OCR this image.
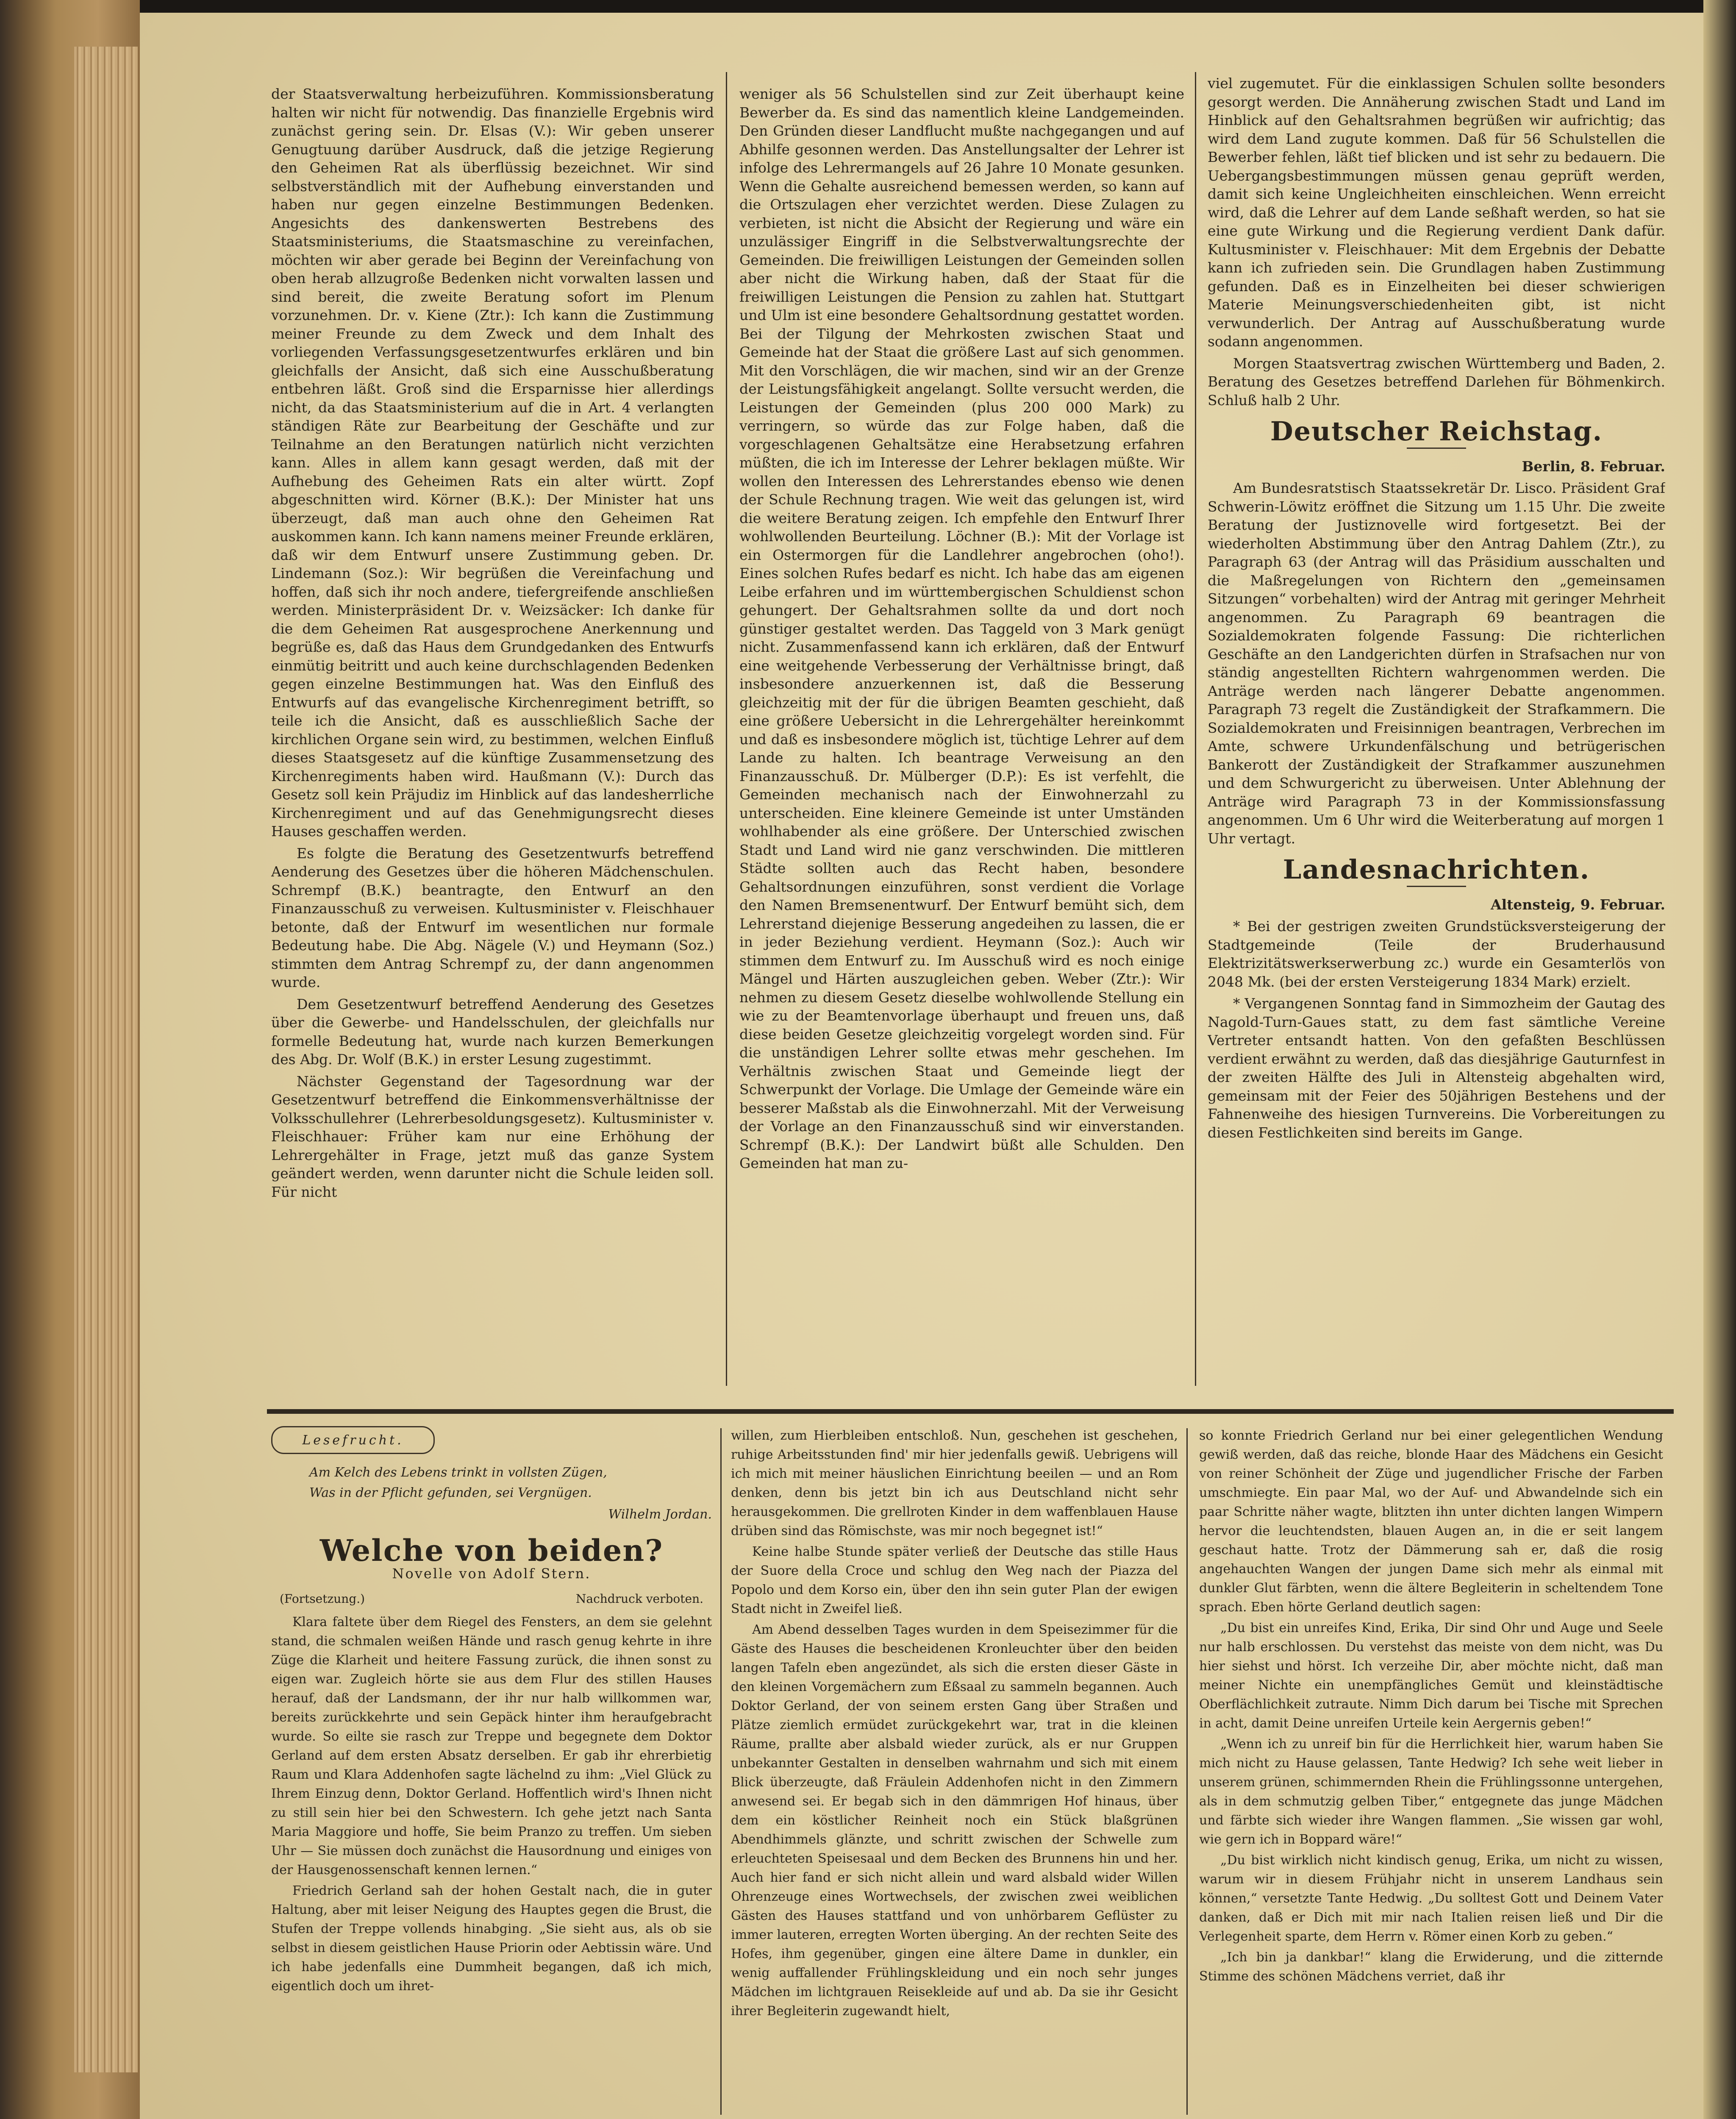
der Staatsverwaltung herbeizuführen. Kommissionsberatung halten wir nicht für notwendig. Das finanzielle Ergebnis wird zunächst gering sein. Dr. Elsas (V.): Wir geben unserer Genugtuung darüber Ausdruck, daß die jetzige Regierung den Geheimen Rat als überflüssig bezeichnet. Wir sind selbstverständlich mit der Aufhebung einverstanden und haben nur gegen einzelne Bestimmungen Bedenken. Angesichts des dankenswerten Bestrebens des Staatsministeriums, die Staatsmaschine zu vereinfachen, möchten wir aber gerade bei Beginn der Vereinfachung von oben herab allzugroße Bedenken nicht vorwalten lassen und sind bereit, die zweite Beratung sofort im Plenum vorzunehmen. Dr. v. Kiene (Ztr.): Ich kann die Zustimmung meiner Freunde zu dem Zweck und dem Inhalt des vorliegenden Verfassungsgesetzentwurfes erklären und bin gleichfalls der Ansicht, daß sich eine Ausschußberatung entbehren läßt. Groß sind die Ersparnisse hier allerdings nicht, da das Staatsministerium auf die in Art. 4 verlangten ständigen Räte zur Bearbeitung der Geschäfte und zur Teilnahme an den Beratungen natürlich nicht verzichten kann. Alles in allem kann gesagt werden, daß mit der Aufhebung des Geheimen Rats ein alter württ. Zopf abgeschnitten wird. Körner (B.K.): Der Minister hat uns überzeugt, daß man auch ohne den Geheimen Rat auskommen kann. Ich kann namens meiner Freunde erklären, daß wir dem Entwurf unsere Zustimmung geben. Dr. Lindemann (Soz.): Wir begrüßen die Vereinfachung und hoffen, daß sich ihr noch andere, tiefergreifende anschließen werden. Ministerpräsident Dr. v. Weizsäcker: Ich danke für die dem Geheimen Rat ausgesprochene Anerkennung und begrüße es, daß das Haus dem Grundgedanken des Entwurfs einmütig beitritt und auch keine durchschlagenden Bedenken gegen einzelne Bestimmungen hat. Was den Einfluß des Entwurfs auf das evangelische Kirchenregiment betrifft, so teile ich die Ansicht, daß es ausschließlich Sache der kirchlichen Organe sein wird, zu bestimmen, welchen Einfluß dieses Staatsgesetz auf die künftige Zusammensetzung des Kirchenregiments haben wird. Haußmann (V.): Durch das Gesetz soll kein Präjudiz im Hinblick auf das landesherrliche Kirchenregiment und auf das Genehmigungsrecht dieses Hauses geschaffen werden.

Es folgte die Beratung des Gesetzentwurfs betreffend Aenderung des Gesetzes über die höheren Mädchenschulen. Schrempf (B.K.) beantragte, den Entwurf an den Finanzausschuß zu verweisen. Kultusminister v. Fleischhauer betonte, daß der Entwurf im wesentlichen nur formale Bedeutung habe. Die Abg. Nägele (V.) und Heymann (Soz.) stimmten dem Antrag Schrempf zu, der dann angenommen wurde.

Dem Gesetzentwurf betreffend Aenderung des Gesetzes über die Gewerbe- und Handelsschulen, der gleichfalls nur formelle Bedeutung hat, wurde nach kurzen Bemerkungen des Abg. Dr. Wolf (B.K.) in erster Lesung zugestimmt.

Nächster Gegenstand der Tagesordnung war der Gesetzentwurf betreffend die Einkommensverhältnisse der Volksschullehrer (Lehrerbesoldungsgesetz). Kultusminister v. Fleischhauer: Früher kam nur eine Erhöhung der Lehrergehälter in Frage, jetzt muß das ganze System geändert werden, wenn darunter nicht die Schule leiden soll. Für nicht

weniger als 56 Schulstellen sind zur Zeit überhaupt keine Bewerber da. Es sind das namentlich kleine Landgemeinden. Den Gründen dieser Landflucht mußte nachgegangen und auf Abhilfe gesonnen werden. Das Anstellungsalter der Lehrer ist infolge des Lehrermangels auf 26 Jahre 10 Monate gesunken. Wenn die Gehalte ausreichend bemessen werden, so kann auf die Ortszulagen eher verzichtet werden. Diese Zulagen zu verbieten, ist nicht die Absicht der Regierung und wäre ein unzulässiger Eingriff in die Selbstverwaltungsrechte der Gemeinden. Die freiwilligen Leistungen der Gemeinden sollen aber nicht die Wirkung haben, daß der Staat für die freiwilligen Leistungen die Pension zu zahlen hat. Stuttgart und Ulm ist eine besondere Gehaltsordnung gestattet worden. Bei der Tilgung der Mehrkosten zwischen Staat und Gemeinde hat der Staat die größere Last auf sich genommen. Mit den Vorschlägen, die wir machen, sind wir an der Grenze der Leistungsfähigkeit angelangt. Sollte versucht werden, die Leistungen der Gemeinden (plus 200 000 Mark) zu verringern, so würde das zur Folge haben, daß die vorgeschlagenen Gehaltsätze eine Herabsetzung erfahren müßten, die ich im Interesse der Lehrer beklagen müßte. Wir wollen den Interessen des Lehrerstandes ebenso wie denen der Schule Rechnung tragen. Wie weit das gelungen ist, wird die weitere Beratung zeigen. Ich empfehle den Entwurf Ihrer wohlwollenden Beurteilung. Löchner (B.): Mit der Vorlage ist ein Ostermorgen für die Landlehrer angebrochen (oho!). Eines solchen Rufes bedarf es nicht. Ich habe das am eigenen Leibe erfahren und im württembergischen Schuldienst schon gehungert. Der Gehaltsrahmen sollte da und dort noch günstiger gestaltet werden. Das Taggeld von 3 Mark genügt nicht. Zusammenfassend kann ich erklären, daß der Entwurf eine weitgehende Verbesserung der Verhältnisse bringt, daß insbesondere anzuerkennen ist, daß die Besserung gleichzeitig mit der für die übrigen Beamten geschieht, daß eine größere Uebersicht in die Lehrergehälter hereinkommt und daß es insbesondere möglich ist, tüchtige Lehrer auf dem Lande zu halten. Ich beantrage Verweisung an den Finanzausschuß. Dr. Mülberger (D.P.): Es ist verfehlt, die Gemeinden mechanisch nach der Einwohnerzahl zu unterscheiden. Eine kleinere Gemeinde ist unter Umständen wohlhabender als eine größere. Der Unterschied zwischen Stadt und Land wird nie ganz verschwinden. Die mittleren Städte sollten auch das Recht haben, besondere Gehaltsordnungen einzuführen, sonst verdient die Vorlage den Namen Bremsenentwurf. Der Entwurf bemüht sich, dem Lehrerstand diejenige Besserung angedeihen zu lassen, die er in jeder Beziehung verdient. Heymann (Soz.): Auch wir stimmen dem Entwurf zu. Im Ausschuß wird es noch einige Mängel und Härten auszugleichen geben. Weber (Ztr.): Wir nehmen zu diesem Gesetz dieselbe wohlwollende Stellung ein wie zu der Beamtenvorlage überhaupt und freuen uns, daß diese beiden Gesetze gleichzeitig vorgelegt worden sind. Für die unständigen Lehrer sollte etwas mehr geschehen. Im Verhältnis zwischen Staat und Gemeinde liegt der Schwerpunkt der Vorlage. Die Umlage der Gemeinde wäre ein besserer Maßstab als die Einwohnerzahl. Mit der Verweisung der Vorlage an den Finanzausschuß sind wir einverstanden. Schrempf (B.K.): Der Landwirt büßt alle Schulden. Den Gemeinden hat man zu-

viel zugemutet. Für die einklassigen Schulen sollte besonders gesorgt werden. Die Annäherung zwischen Stadt und Land im Hinblick auf den Gehaltsrahmen begrüßen wir aufrichtig; das wird dem Land zugute kommen. Daß für 56 Schulstellen die Bewerber fehlen, läßt tief blicken und ist sehr zu bedauern. Die Uebergangsbestimmungen müssen genau geprüft werden, damit sich keine Ungleichheiten einschleichen. Wenn erreicht wird, daß die Lehrer auf dem Lande seßhaft werden, so hat sie eine gute Wirkung und die Regierung verdient Dank dafür. Kultusminister v. Fleischhauer: Mit dem Ergebnis der Debatte kann ich zufrieden sein. Die Grundlagen haben Zustimmung gefunden. Daß es in Einzelheiten bei dieser schwierigen Materie Meinungsverschiedenheiten gibt, ist nicht verwunderlich. Der Antrag auf Ausschußberatung wurde sodann angenommen.

Morgen Staatsvertrag zwischen Württemberg und Baden, 2. Beratung des Gesetzes betreffend Darlehen für Böhmenkirch. Schluß halb 2 Uhr.

Deutscher Reichstag.

Berlin, 8. Februar.

Am Bundesratstisch Staatssekretär Dr. Lisco. Präsident Graf Schwerin-Löwitz eröffnet die Sitzung um 1.15 Uhr. Die zweite Beratung der Justiznovelle wird fortgesetzt. Bei der wiederholten Abstimmung über den Antrag Dahlem (Ztr.), zu Paragraph 63 (der Antrag will das Präsidium ausschalten und die Maßregelungen von Richtern den „gemeinsamen Sitzungen“ vorbehalten) wird der Antrag mit geringer Mehrheit angenommen. Zu Paragraph 69 beantragen die Sozialdemokraten folgende Fassung: Die richterlichen Geschäfte an den Landgerichten dürfen in Strafsachen nur von ständig angestellten Richtern wahrgenommen werden. Die Anträge werden nach längerer Debatte angenommen. Paragraph 73 regelt die Zuständigkeit der Strafkammern. Die Sozialdemokraten und Freisinnigen beantragen, Verbrechen im Amte, schwere Urkundenfälschung und betrügerischen Bankerott der Zuständigkeit der Strafkammer auszunehmen und dem Schwurgericht zu überweisen. Unter Ablehnung der Anträge wird Paragraph 73 in der Kommissionsfassung angenommen. Um 6 Uhr wird die Weiterberatung auf morgen 1 Uhr vertagt.

Landesnachrichten.

Altensteig, 9. Februar.

* Bei der gestrigen zweiten Grundstücksversteigerung der Stadtgemeinde (Teile der Bruderhausund Elektrizitätswerkserwerbung zc.) wurde ein Gesamterlös von 2048 Mk. (bei der ersten Versteigerung 1834 Mark) erzielt.

* Vergangenen Sonntag fand in Simmozheim der Gautag des Nagold-Turn-Gaues statt, zu dem fast sämtliche Vereine Vertreter entsandt hatten. Von den gefaßten Beschlüssen verdient erwähnt zu werden, daß das diesjährige Gauturnfest in der zweiten Hälfte des Juli in Altensteig abgehalten wird, gemeinsam mit der Feier des 50jährigen Bestehens und der Fahnenweihe des hiesigen Turnvereins. Die Vorbereitungen zu diesen Festlichkeiten sind bereits im Gange.

Lesefrucht.
Am Kelch des Lebens trinkt in vollsten Zügen,
Was in der Pflicht gefunden, sei Vergnügen.
Wilhelm Jordan.
Welche von beiden?
Novelle von Adolf Stern.
(Fortsetzung.)	Nachdruck verboten.

Klara faltete über dem Riegel des Fensters, an dem sie gelehnt stand, die schmalen weißen Hände und rasch genug kehrte in ihre Züge die Klarheit und heitere Fassung zurück, die ihnen sonst zu eigen war. Zugleich hörte sie aus dem Flur des stillen Hauses herauf, daß der Landsmann, der ihr nur halb willkommen war, bereits zurückkehrte und sein Gepäck hinter ihm heraufgebracht wurde. So eilte sie rasch zur Treppe und begegnete dem Doktor Gerland auf dem ersten Absatz derselben. Er gab ihr ehrerbietig Raum und Klara Addenhofen sagte lächelnd zu ihm: „Viel Glück zu Ihrem Einzug denn, Doktor Gerland. Hoffentlich wird's Ihnen nicht zu still sein hier bei den Schwestern. Ich gehe jetzt nach Santa Maria Maggiore und hoffe, Sie beim Pranzo zu treffen. Um sieben Uhr — Sie müssen doch zunächst die Hausordnung und einiges von der Hausgenossenschaft kennen lernen.“

Friedrich Gerland sah der hohen Gestalt nach, die in guter Haltung, aber mit leiser Neigung des Hauptes gegen die Brust, die Stufen der Treppe vollends hinabging. „Sie sieht aus, als ob sie selbst in diesem geistlichen Hause Priorin oder Aebtissin wäre. Und ich habe jedenfalls eine Dummheit begangen, daß ich mich, eigentlich doch um ihret-

willen, zum Hierbleiben entschloß. Nun, geschehen ist geschehen, ruhige Arbeitsstunden find' mir hier jedenfalls gewiß. Uebrigens will ich mich mit meiner häuslichen Einrichtung beeilen — und an Rom denken, denn bis jetzt bin ich aus Deutschland nicht sehr herausgekommen. Die grellroten Kinder in dem waffenblauen Hause drüben sind das Römischste, was mir noch begegnet ist!“

Keine halbe Stunde später verließ der Deutsche das stille Haus der Suore della Croce und schlug den Weg nach der Piazza del Popolo und dem Korso ein, über den ihn sein guter Plan der ewigen Stadt nicht in Zweifel ließ.

Am Abend desselben Tages wurden in dem Speisezimmer für die Gäste des Hauses die bescheidenen Kronleuchter über den beiden langen Tafeln eben angezündet, als sich die ersten dieser Gäste in den kleinen Vorgemächern zum Eßsaal zu sammeln begannen. Auch Doktor Gerland, der von seinem ersten Gang über Straßen und Plätze ziemlich ermüdet zurückgekehrt war, trat in die kleinen Räume, prallte aber alsbald wieder zurück, als er nur Gruppen unbekannter Gestalten in denselben wahrnahm und sich mit einem Blick überzeugte, daß Fräulein Addenhofen nicht in den Zimmern anwesend sei. Er begab sich in den dämmrigen Hof hinaus, über dem ein köstlicher Reinheit noch ein Stück blaßgrünen Abendhimmels glänzte, und schritt zwischen der Schwelle zum erleuchteten Speisesaal und dem Becken des Brunnens hin und her. Auch hier fand er sich nicht allein und ward alsbald wider Willen Ohrenzeuge eines Wortwechsels, der zwischen zwei weiblichen Gästen des Hauses stattfand und von unhörbarem Geflüster zu immer lauteren, erregten Worten überging. An der rechten Seite des Hofes, ihm gegenüber, gingen eine ältere Dame in dunkler, ein wenig auffallender Frühlingskleidung und ein noch sehr junges Mädchen im lichtgrauen Reisekleide auf und ab. Da sie ihr Gesicht ihrer Begleiterin zugewandt hielt,

so konnte Friedrich Gerland nur bei einer gelegentlichen Wendung gewiß werden, daß das reiche, blonde Haar des Mädchens ein Gesicht von reiner Schönheit der Züge und jugendlicher Frische der Farben umschmiegte. Ein paar Mal, wo der Auf- und Abwandelnde sich ein paar Schritte näher wagte, blitzten ihn unter dichten langen Wimpern hervor die leuchtendsten, blauen Augen an, in die er seit langem geschaut hatte. Trotz der Dämmerung sah er, daß die rosig angehauchten Wangen der jungen Dame sich mehr als einmal mit dunkler Glut färbten, wenn die ältere Begleiterin in scheltendem Tone sprach. Eben hörte Gerland deutlich sagen:

„Du bist ein unreifes Kind, Erika, Dir sind Ohr und Auge und Seele nur halb erschlossen. Du verstehst das meiste von dem nicht, was Du hier siehst und hörst. Ich verzeihe Dir, aber möchte nicht, daß man meiner Nichte ein unempfängliches Gemüt und kleinstädtische Oberflächlichkeit zutraute. Nimm Dich darum bei Tische mit Sprechen in acht, damit Deine unreifen Urteile kein Aergernis geben!“

„Wenn ich zu unreif bin für die Herrlichkeit hier, warum haben Sie mich nicht zu Hause gelassen, Tante Hedwig? Ich sehe weit lieber in unserem grünen, schimmernden Rhein die Frühlingssonne untergehen, als in dem schmutzig gelben Tiber,“ entgegnete das junge Mädchen und färbte sich wieder ihre Wangen flammen. „Sie wissen gar wohl, wie gern ich in Boppard wäre!“

„Du bist wirklich nicht kindisch genug, Erika, um nicht zu wissen, warum wir in diesem Frühjahr nicht in unserem Landhaus sein können,“ versetzte Tante Hedwig. „Du solltest Gott und Deinem Vater danken, daß er Dich mit mir nach Italien reisen ließ und Dir die Verlegenheit sparte, dem Herrn v. Römer einen Korb zu geben.“

„Ich bin ja dankbar!“ klang die Erwiderung, und die zitternde Stimme des schönen Mädchens verriet, daß ihr
